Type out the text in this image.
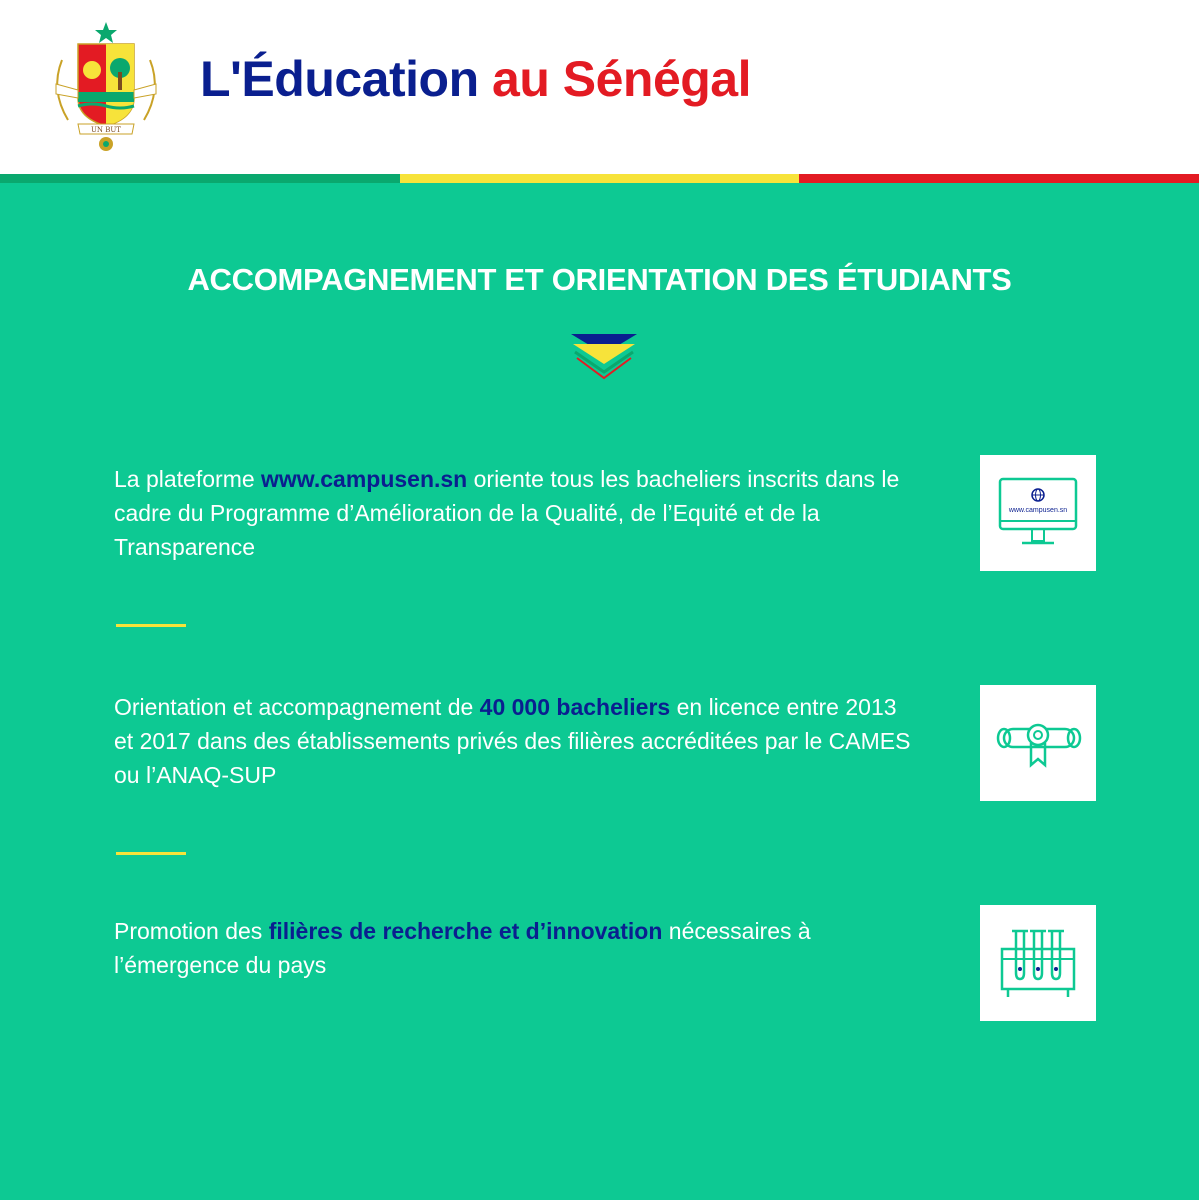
UN BUT
L'Éducation au Sénégal
ACCOMPAGNEMENT ET ORIENTATION DES ÉTUDIANTS

La plateforme www.campusen.sn oriente tous les bacheliers inscrits dans le cadre du Programme d’Amélioration de la Qualité, de l’Equité et de la Transparence

www.campusen.sn

Orientation et accompagnement de 40 000 bacheliers en licence entre 2013 et 2017 dans des établissements privés des filières accréditées par le CAMES ou l’ANAQ-SUP

Promotion des filières de recherche et d’innovation nécessaires à l’émergence du pays
